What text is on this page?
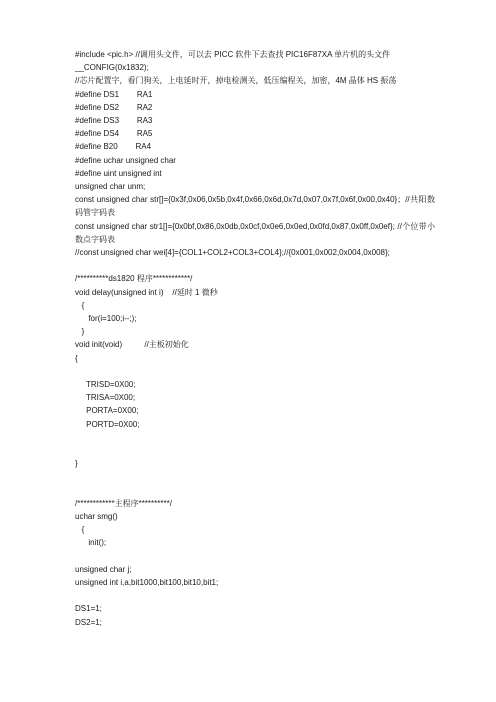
#include <pic.h> //调用头文件，可以去 PICC 软件下去查找 PIC16F87XA 单片机的头文件
__CONFIG(0x1832);
//芯片配置字，看门狗关，上电延时开，掉电检测关，低压编程关，加密，4M 晶体 HS 振荡
#define DS1        RA1
#define DS2        RA2
#define DS3        RA3
#define DS4        RA5
#define B20        RA4
#define uchar unsigned char
#define uint unsigned int
unsigned char unm;
const unsigned char str[]={0x3f,0x06,0x5b,0x4f,0x66,0x6d,0x7d,0x07,0x7f,0x6f,0x00,0x40}；//共阳数码管字码表
const unsigned char str1[]={0x0bf,0x86,0x0db,0x0cf,0x0e6,0x0ed,0x0fd,0x87,0x0ff,0x0ef}; //个位带小数点字码表
//const unsigned char wei[4]={COL1+COL2+COL3+COL4};//{0x001,0x002,0x004,0x008};
/**********ds1820 程序************/
void delay(unsigned int i)    //延时 1 微秒
{
for(i=100;i--;);
}
void init(void)          //主板初始化
{
TRISD=0X00;
TRISA=0X00;
PORTA=0X00;
PORTD=0X00;
}
/************主程序**********/
uchar smg()
{
init();
unsigned char j;
unsigned int i,a,bit1000,bit100,bit10,bit1;
DS1=1;
DS2=1;
